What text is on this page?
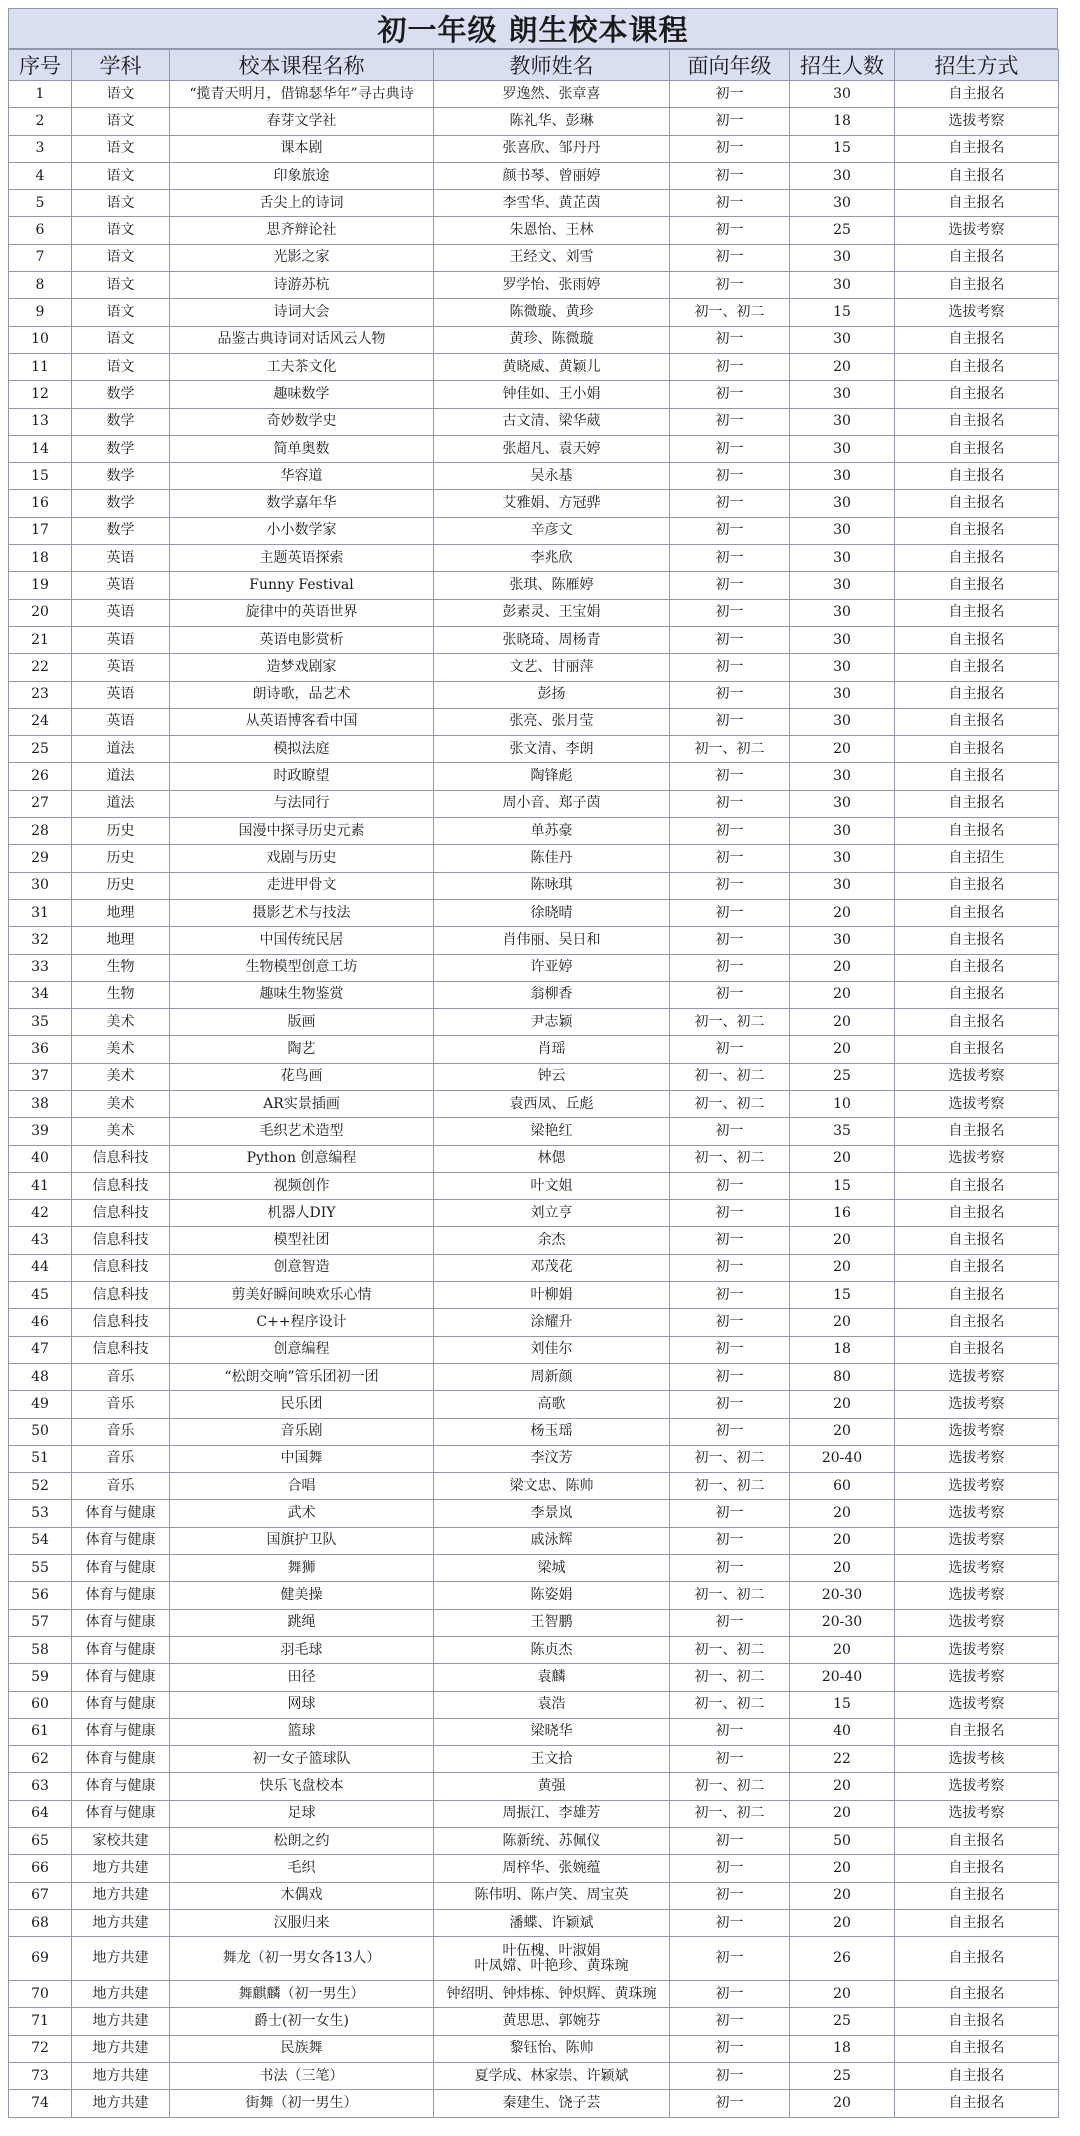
初一年级 朗生校本课程
序号	学科	校本课程名称	教师姓名	面向年级	招生人数	招生方式
1	语文	“揽青天明月，借锦瑟华年”寻古典诗	罗逸然、张章喜	初一	30	自主报名
2	语文	春芽文学社	陈礼华、彭琳	初一	18	选拔考察
3	语文	课本剧	张喜欣、邹丹丹	初一	15	自主报名
4	语文	印象旅途	颜书琴、曾丽婷	初一	30	自主报名
5	语文	舌尖上的诗词	李雪华、黄芷茵	初一	30	自主报名
6	语文	思齐辩论社	朱恩怡、王林	初一	25	选拔考察
7	语文	光影之家	王经文、刘雪	初一	30	自主报名
8	语文	诗游苏杭	罗学怡、张雨婷	初一	30	自主报名
9	语文	诗词大会	陈微璇、黄珍	初一、初二	15	选拔考察
10	语文	品鉴古典诗词对话风云人物	黄珍、陈微璇	初一	30	自主报名
11	语文	工夫茶文化	黄晓威、黄颖儿	初一	20	自主报名
12	数学	趣味数学	钟佳如、王小娟	初一	30	自主报名
13	数学	奇妙数学史	古文清、梁华葳	初一	30	自主报名
14	数学	简单奥数	张超凡、袁天婷	初一	30	自主报名
15	数学	华容道	吴永基	初一	30	自主报名
16	数学	数学嘉年华	艾雅娟、方冠骅	初一	30	自主报名
17	数学	小小数学家	辛彦文	初一	30	自主报名
18	英语	主题英语探索	李兆欣	初一	30	自主报名
19	英语	Funny Festival	张琪、陈雁婷	初一	30	自主报名
20	英语	旋律中的英语世界	彭素灵、王宝娟	初一	30	自主报名
21	英语	英语电影赏析	张晓琦、周杨青	初一	30	自主报名
22	英语	造梦戏剧家	文艺、甘丽萍	初一	30	自主报名
23	英语	朗诗歌，品艺术	彭扬	初一	30	自主报名
24	英语	从英语博客看中国	张亮、张月莹	初一	30	自主报名
25	道法	模拟法庭	张文清、李朗	初一、初二	20	自主报名
26	道法	时政瞭望	陶锋彪	初一	30	自主报名
27	道法	与法同行	周小音、郑子茵	初一	30	自主报名
28	历史	国漫中探寻历史元素	单苏豪	初一	30	自主报名
29	历史	戏剧与历史	陈佳丹	初一	30	自主招生
30	历史	走进甲骨文	陈咏琪	初一	30	自主报名
31	地理	摄影艺术与技法	徐晓晴	初一	20	自主报名
32	地理	中国传统民居	肖伟丽、吴日和	初一	30	自主报名
33	生物	生物模型创意工坊	许亚婷	初一	20	自主报名
34	生物	趣味生物鉴赏	翁柳香	初一	20	自主报名
35	美术	版画	尹志颖	初一、初二	20	自主报名
36	美术	陶艺	肖瑶	初一	20	自主报名
37	美术	花鸟画	钟云	初一、初二	25	选拔考察
38	美术	AR实景插画	袁西凤、丘彪	初一、初二	10	选拔考察
39	美术	毛织艺术造型	梁艳红	初一	35	自主报名
40	信息科技	Python 创意编程	林偲	初一、初二	20	选拔考察
41	信息科技	视频创作	叶文姐	初一	15	自主报名
42	信息科技	机器人DIY	刘立亨	初一	16	自主报名
43	信息科技	模型社团	余杰	初一	20	自主报名
44	信息科技	创意智造	邓茂花	初一	20	自主报名
45	信息科技	剪美好瞬间映欢乐心情	叶柳娟	初一	15	自主报名
46	信息科技	C++程序设计	涂耀升	初一	20	自主报名
47	信息科技	创意编程	刘佳尔	初一	18	自主报名
48	音乐	“松朗交响”管乐团初一团	周新颜	初一	80	选拔考察
49	音乐	民乐团	高歌	初一	20	选拔考察
50	音乐	音乐剧	杨玉瑶	初一	20	选拔考察
51	音乐	中国舞	李汶芳	初一、初二	20-40	选拔考察
52	音乐	合唱	梁文忠、陈帅	初一、初二	60	选拔考察
53	体育与健康	武术	李景岚	初一	20	选拔考察
54	体育与健康	国旗护卫队	戚泳辉	初一	20	选拔考察
55	体育与健康	舞狮	梁城	初一	20	选拔考察
56	体育与健康	健美操	陈姿娟	初一、初二	20-30	选拔考察
57	体育与健康	跳绳	王智鹏	初一	20-30	选拔考察
58	体育与健康	羽毛球	陈贞杰	初一、初二	20	选拔考察
59	体育与健康	田径	袁麟	初一、初二	20-40	选拔考察
60	体育与健康	网球	袁浩	初一、初二	15	选拔考察
61	体育与健康	篮球	梁晓华	初一	40	自主报名
62	体育与健康	初一女子篮球队	王文拾	初一	22	选拔考核
63	体育与健康	快乐飞盘校本	黄强	初一、初二	20	选拔考察
64	体育与健康	足球	周振江、李雄芳	初一、初二	20	选拔考察
65	家校共建	松朗之约	陈新统、苏佩仪	初一	50	自主报名
66	地方共建	毛织	周梓华、张婉蕴	初一	20	自主报名
67	地方共建	木偶戏	陈伟明、陈卢笑、周宝英	初一	20	自主报名
68	地方共建	汉服归来	潘蝶、许颖斌	初一	20	自主报名
69	地方共建	舞龙（初一男女各13人）	叶伍槐、叶淑娟
叶凤嫦、叶艳珍、黄珠琬	初一	26	自主报名
70	地方共建	舞麒麟（初一男生）	钟绍明、钟炜栋、钟炽辉、黄珠琬	初一	20	自主报名
71	地方共建	爵士(初一女生)	黄思思、郭婉芬	初一	25	自主报名
72	地方共建	民族舞	黎钰怡、陈帅	初一	18	自主报名
73	地方共建	书法（三笔）	夏学成、林家崇、许颖斌	初一	25	自主报名
74	地方共建	街舞（初一男生）	秦建生、饶子芸	初一	20	自主报名
